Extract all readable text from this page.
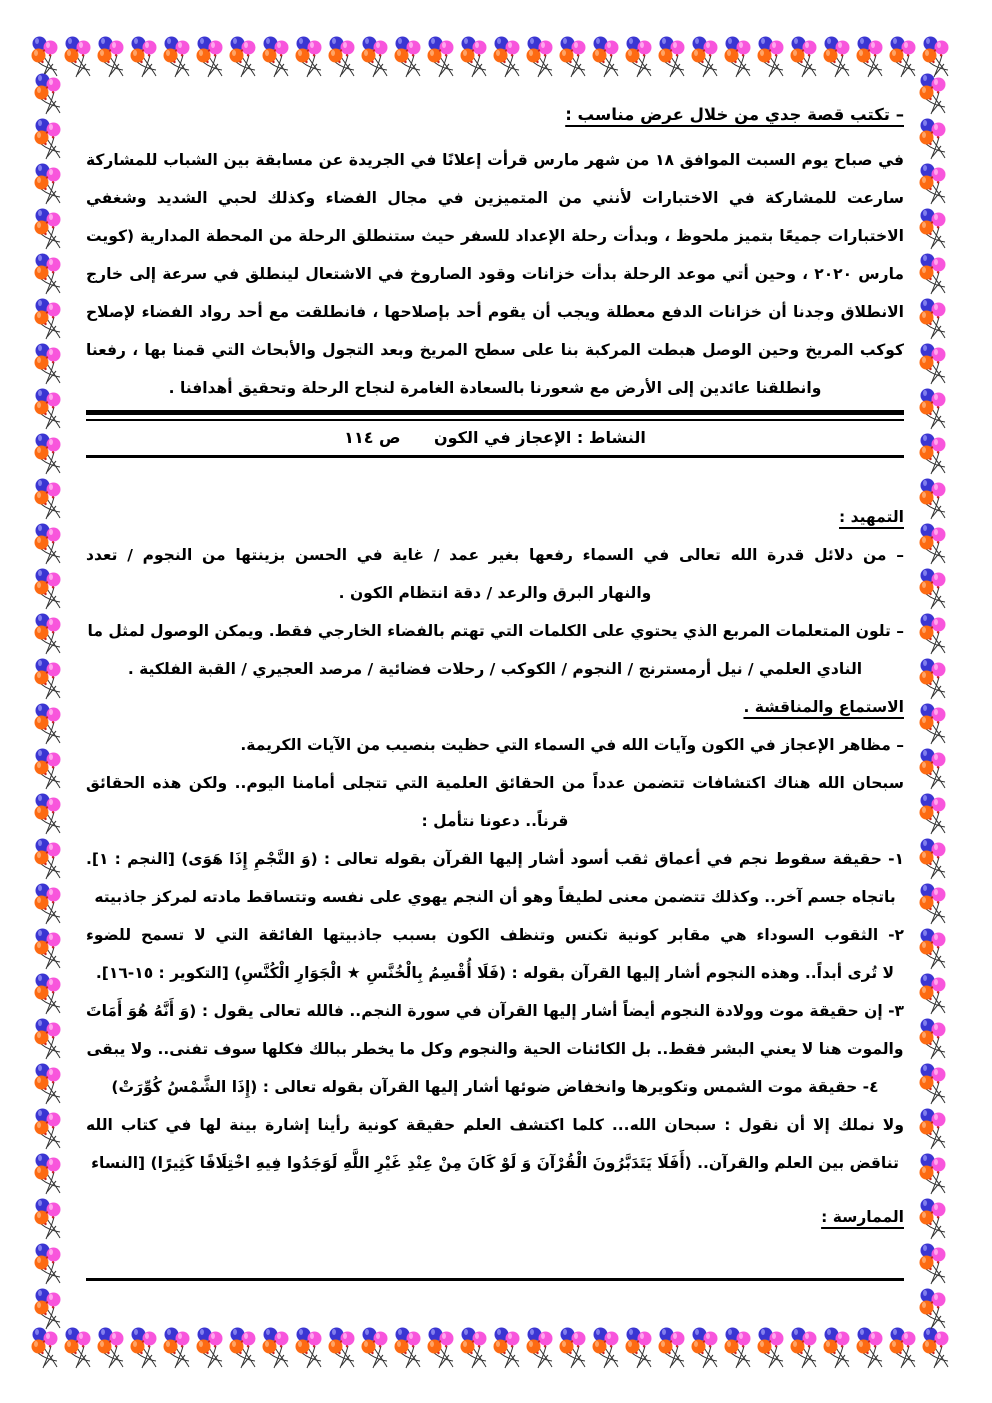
– تكتب قصة جدي من خلال عرض مناسب :
في صباح يوم السبت الموافق ١٨ من شهر مارس قرأت إعلانًا في الجريدة عن مسابقة بين الشباب للمشاركة
سارعت للمشاركة في الاختبارات لأنني من المتميزين في مجال الفضاء وكذلك لحبي الشديد وشغفي
الاختبارات جميعًا بتميز ملحوظ ، وبدأت رحلة الإعداد للسفر حيث ستنطلق الرحلة من المحطة المدارية (كويت
مارس ٢٠٢٠ ، وحين أتي موعد الرحلة بدأت خزانات وقود الصاروخ في الاشتعال لينطلق في سرعة إلى خارج
الانطلاق وجدنا أن خزانات الدفع معطلة ويجب أن يقوم أحد بإصلاحها ، فانطلقت مع أحد رواد الفضاء لإصلاح
كوكب المريخ وحين الوصل هبطت المركبة بنا على سطح المريخ وبعد التجول والأبحاث التي قمنا بها ، رفعنا
وانطلقنا عائدين إلى الأرض مع شعورنا بالسعادة الغامرة لنجاح الرحلة وتحقيق أهدافنا .
النشاط : الإعجاز في الكون      ص ١١٤
التمهيد :
– من دلائل قدرة الله تعالى في السماء رفعها بغير عمد / غاية في الحسن بزينتها من النجوم / تعدد
والنهار البرق والرعد / دقة انتظام الكون .
– تلون المتعلمات المربع الذي يحتوي على الكلمات التي تهتم بالفضاء الخارجي فقط. ويمكن الوصول لمثل ما
النادي العلمي / نيل أرمسترنج / النجوم / الكوكب / رحلات فضائية / مرصد العجيري / القبة الفلكية .
الاستماع والمناقشة .
– مظاهر الإعجاز في الكون وآيات الله في السماء التي حظيت بنصيب من الآيات الكريمة.
سبحان الله هناك اكتشافات تتضمن عدداً من الحقائق العلمية التي تتجلى أمامنا اليوم.. ولكن هذه الحقائق
قرناً.. دعونا نتأمل :
١- حقيقة سقوط نجم في أعماق ثقب أسود أشار إليها القرآن بقوله تعالى : (وَ النَّجْمِ إِذَا هَوَى) [النجم : ١].
باتجاه جسم آخر.. وكذلك تتضمن معنى لطيفاً وهو أن النجم يهوي على نفسه وتتساقط مادته لمركز جاذبيته
٢- الثقوب السوداء هي مقابر كونية تكنس وتنظف الكون بسبب جاذبيتها الفائقة التي لا تسمح للضوء
لا تُرى أبداً.. وهذه النجوم أشار إليها القرآن بقوله : (فَلَا أُقْسِمُ بِالْخُنَّسِ ★ الْجَوَارِ الْكُنَّسِ) [التكوير : ١٥-١٦].
٣- إن حقيقة موت وولادة النجوم أيضاً أشار إليها القرآن في سورة النجم.. فالله تعالى يقول : (وَ أَنَّهُ هُوَ أَمَاتَ
والموت هنا لا يعني البشر فقط.. بل الكائنات الحية والنجوم وكل ما يخطر ببالك فكلها سوف تفنى.. ولا يبقى
٤- حقيقة موت الشمس وتكويرها وانخفاض ضوئها أشار إليها القرآن بقوله تعالى : (إِذَا الشَّمْسُ كُوِّرَتْ)
ولا نملك إلا أن نقول : سبحان الله... كلما اكتشف العلم حقيقة كونية رأينا إشارة بينة لها في كتاب الله
تناقض بين العلم والقرآن.. (أَفَلَا يَتَدَبَّرُونَ الْقُرْآنَ وَ لَوْ كَانَ مِنْ عِنْدِ غَيْرِ اللَّهِ لَوَجَدُوا فِيهِ اخْتِلَافًا كَثِيرًا) [النساء
الممارسة :
